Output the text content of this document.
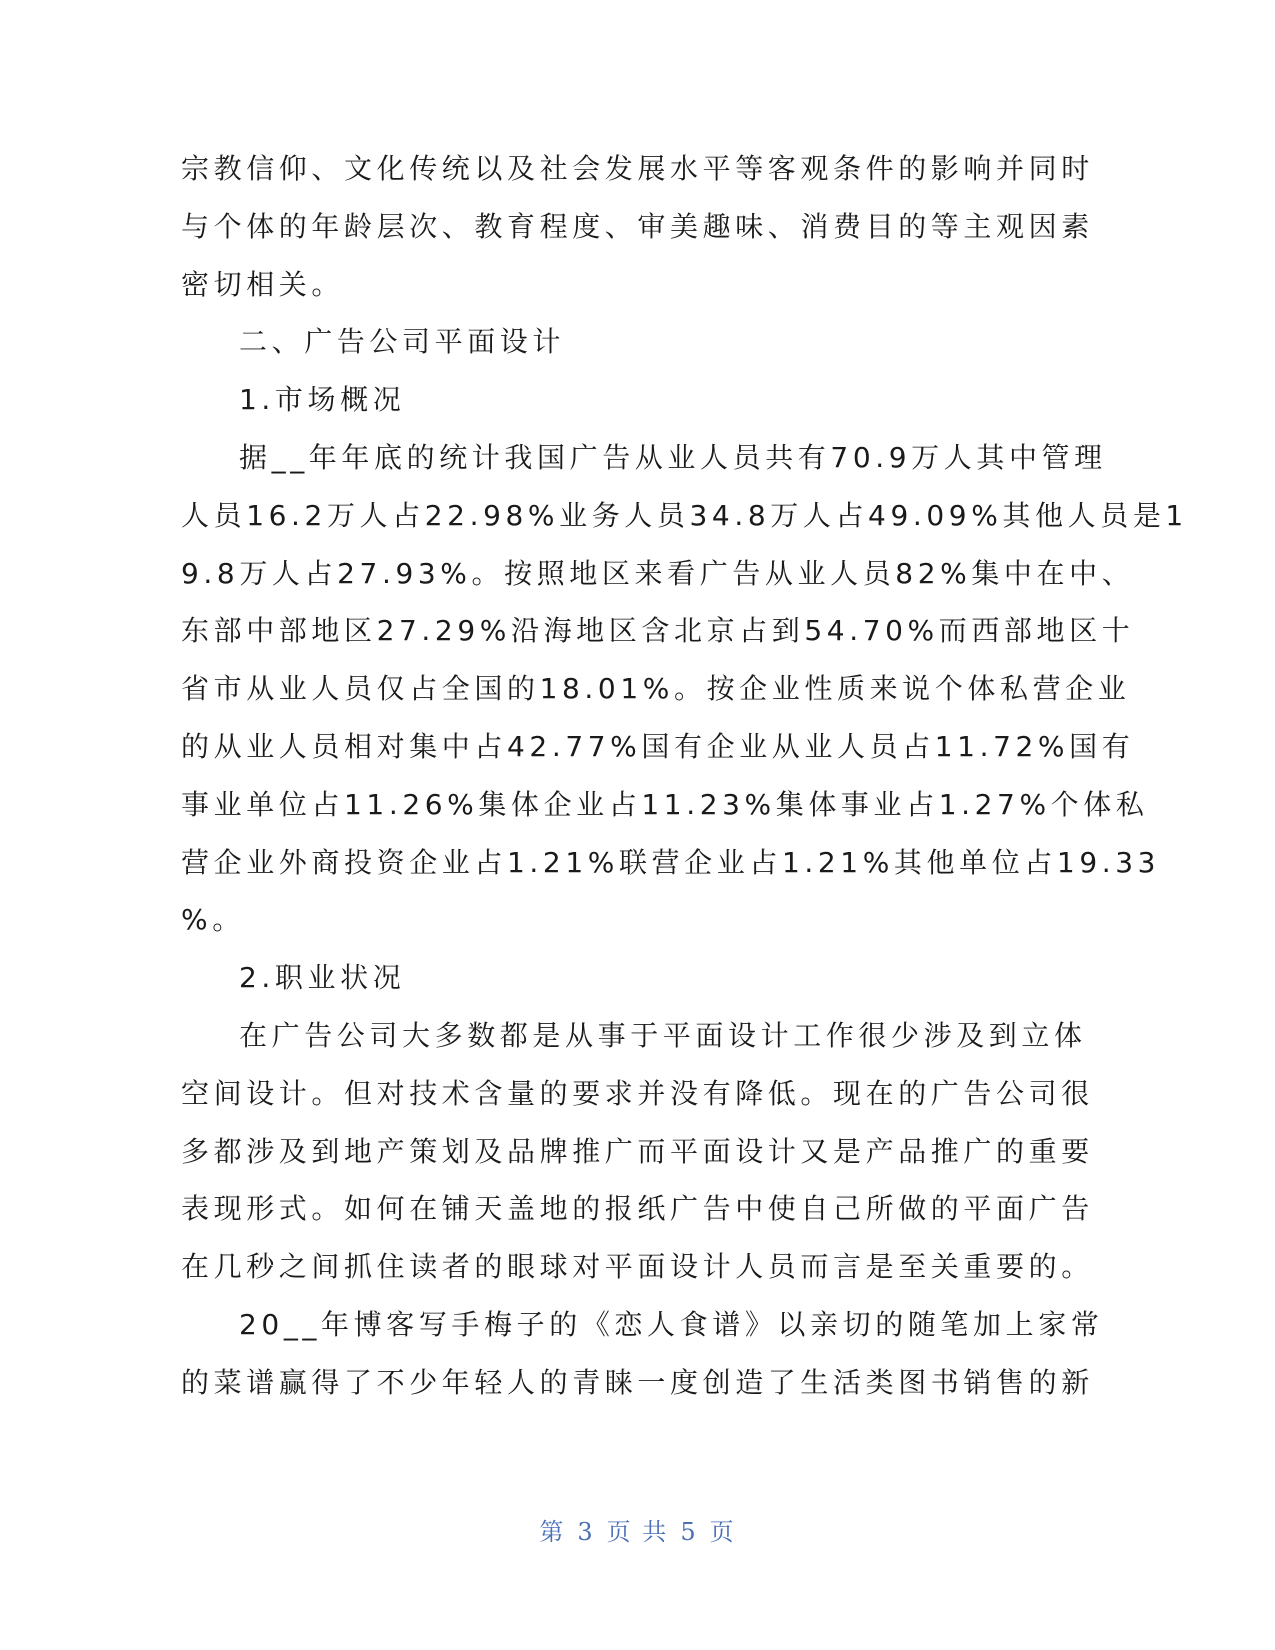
宗教信仰、文化传统以及社会发展水平等客观条件的影响并同时
与个体的年龄层次、教育程度、审美趣味、消费目的等主观因素
密切相关。
二、广告公司平面设计
1.市场概况
据__年年底的统计我国广告从业人员共有70.9万人其中管理
人员16.2万人占22.98%业务人员34.8万人占49.09%其他人员是1
9.8万人占27.93%。按照地区来看广告从业人员82%集中在中、
东部中部地区27.29%沿海地区含北京占到54.70%而西部地区十
省市从业人员仅占全国的18.01%。按企业性质来说个体私营企业
的从业人员相对集中占42.77%国有企业从业人员占11.72%国有
事业单位占11.26%集体企业占11.23%集体事业占1.27%个体私
营企业外商投资企业占1.21%联营企业占1.21%其他单位占19.33
%。
2.职业状况
在广告公司大多数都是从事于平面设计工作很少涉及到立体
空间设计。但对技术含量的要求并没有降低。现在的广告公司很
多都涉及到地产策划及品牌推广而平面设计又是产品推广的重要
表现形式。如何在铺天盖地的报纸广告中使自己所做的平面广告
在几秒之间抓住读者的眼球对平面设计人员而言是至关重要的。
20__年博客写手梅子的《恋人食谱》以亲切的随笔加上家常
的菜谱赢得了不少年轻人的青睐一度创造了生活类图书销售的新
第 3 页 共 5 页
